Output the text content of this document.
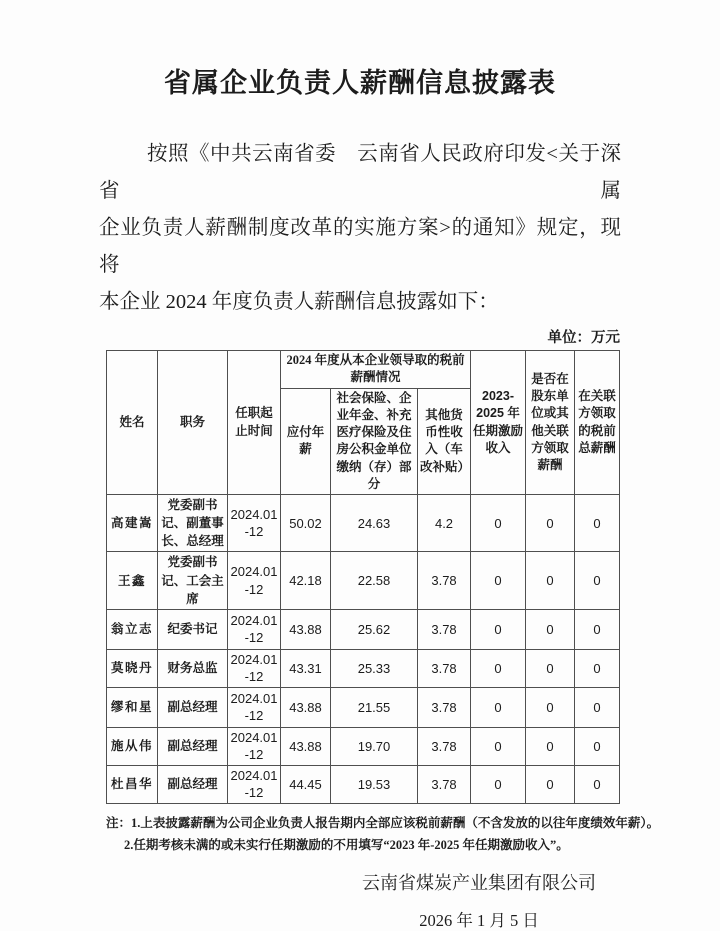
省属企业负责人薪酬信息披露表
按照《中共云南省委　云南省人民政府印发<关于深省属
企业负责人薪酬制度改革的实施方案>的通知》规定，现将
本企业 2024 年度负责人薪酬信息披露如下：
单位：万元
姓名	职务	任职起止时间	2024 年度从本企业领导取的税前薪酬情况			2023-2025 年任期激励收入	是否在股东单位或其他关联方领取薪酬	在关联方领取的税前总薪酬
			应付年薪	社会保险、企业年金、补充医疗保险及住房公积金单位缴纳（存）部分	其他货币性收入（车改补贴）			
高建嵩	党委副书记、副董事长、总经理	2024.01-12	50.02	24.63	4.2	0	0	0
王鑫	党委副书记、工会主席	2024.01-12	42.18	22.58	3.78	0	0	0
翁立志	纪委书记	2024.01-12	43.88	25.62	3.78	0	0	0
莫晓丹	财务总监	2024.01-12	43.31	25.33	3.78	0	0	0
缪和星	副总经理	2024.01-12	43.88	21.55	3.78	0	0	0
施从伟	副总经理	2024.01-12	43.88	19.70	3.78	0	0	0
杜昌华	副总经理	2024.01-12	44.45	19.53	3.78	0	0	0
注：1.上表披露薪酬为公司企业负责人报告期内全部应该税前薪酬（不含发放的以往年度绩效年薪）。
2.任期考核未满的或未实行任期激励的不用填写“2023 年-2025 年任期激励收入”。
云南省煤炭产业集团有限公司
2026 年 1 月 5 日
